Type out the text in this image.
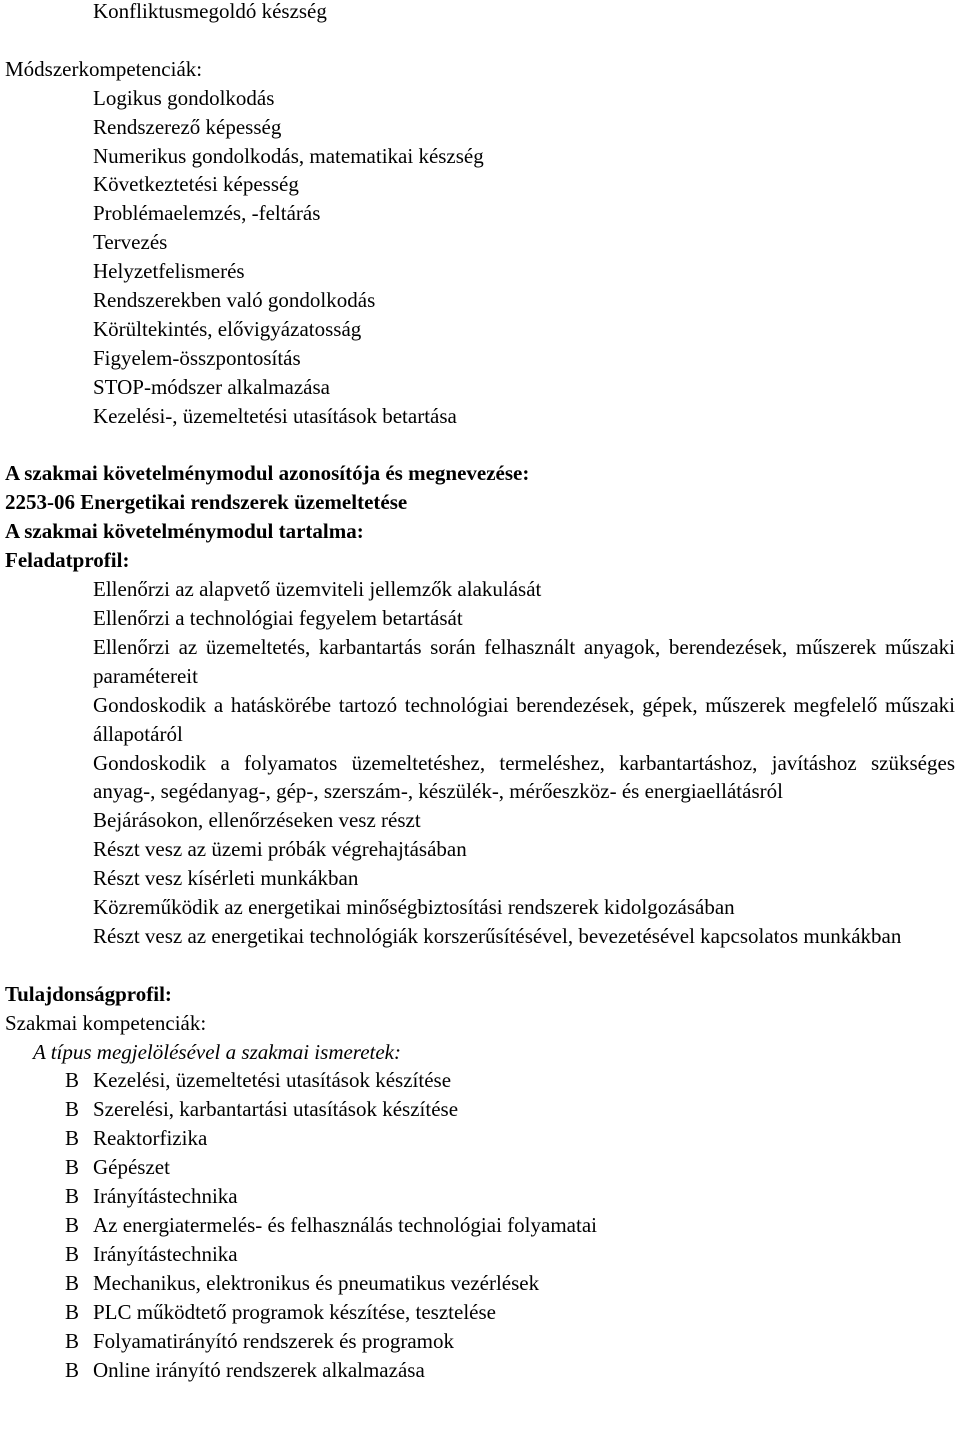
Konfliktusmegoldó készség
Módszerkompetenciák:
Logikus gondolkodás
Rendszerező képesség
Numerikus gondolkodás, matematikai készség
Következtetési képesség
Problémaelemzés, -feltárás
Tervezés
Helyzetfelismerés
Rendszerekben való gondolkodás
Körültekintés, elővigyázatosság
Figyelem-összpontosítás
STOP-módszer alkalmazása
Kezelési-, üzemeltetési utasítások betartása
A szakmai követelménymodul azonosítója és megnevezése:
2253-06 Energetikai rendszerek üzemeltetése
A szakmai követelménymodul tartalma:
Feladatprofil:
Ellenőrzi az alapvető üzemviteli jellemzők alakulását
Ellenőrzi a technológiai fegyelem betartását
Ellenőrzi az üzemeltetés, karbantartás során felhasznált anyagok, berendezések, műszerek műszaki paramétereit
Gondoskodik a hatáskörébe tartozó technológiai berendezések, gépek, műszerek megfelelő műszaki állapotáról
Gondoskodik a folyamatos üzemeltetéshez, termeléshez, karbantartáshoz, javításhoz szükséges anyag-, segédanyag-, gép-, szerszám-, készülék-, mérőeszköz- és energiaellátásról
Bejárásokon, ellenőrzéseken vesz részt
Részt vesz az üzemi próbák végrehajtásában
Részt vesz kísérleti munkákban
Közreműködik az energetikai minőségbiztosítási rendszerek kidolgozásában
Részt vesz az energetikai technológiák korszerűsítésével, bevezetésével kapcsolatos munkákban
Tulajdonságprofil:
Szakmai kompetenciák:
A típus megjelölésével a szakmai ismeretek:
B Kezelési, üzemeltetési utasítások készítése
B Szerelési, karbantartási utasítások készítése
B Reaktorfizika
B Gépészet
B Irányítástechnika
B Az energiatermelés- és felhasználás technológiai folyamatai
B Irányítástechnika
B Mechanikus, elektronikus és pneumatikus vezérlések
B PLC működtető programok készítése, tesztelése
B Folyamatirányító rendszerek és programok
B Online irányító rendszerek alkalmazása
